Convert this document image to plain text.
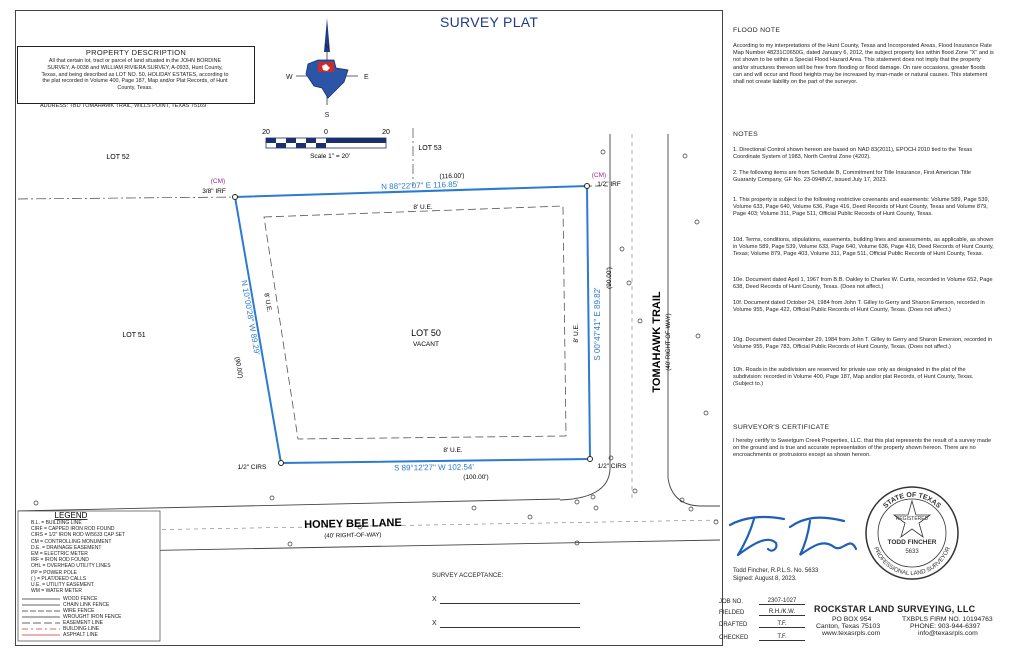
SURVEY PLAT
PROPERTY DESCRIPTION
All that certain lot, tract or parcel of land situated in the JOHN BORDINE
SURVEY, A-0038 and WILLIAM RIVIERA SURVEY, A-0933, Hunt County,
Texas, and being described as LOT NO. 50, HOLIDAY ESTATES, according to
the plat recorded in Volume 400, Page 187, Map and/or Plat Records, of Hunt
County, Texas.
ADDRESS: TBD TOMAHAWK TRAIL, WILLS POINT, TEXAS 75169
N
S
E
W
20	0	20
Scale 1" = 20'
N 88°22'07" E 116.85'
(116.00')
S 00°47'41" E 89.82'
(90.00')
S 89°12'27" W 102.54'
(100.00')
N 10°00'28" W 89.29'
(90.00')
8' U.E.
8' U.E.
8' U.E.
8' U.E.
(CM)
3/8" IRF
(CM)
1/2" IRF
1/2" CIRS	1/2" CIRS
LOT 52
LOT 53
LOT 51	LOT 50
VACANT
HONEY BEE LANE
(40' RIGHT-OF-WAY)
TOMAHAWK TRAIL (40' RIGHT-OF-WAY)
LEGEND
B.L. = BUILDING LINE
CIRF = CAPPED IRON ROD FOUND
CIRS = 1/2" IRON ROD W/5633 CAP SET
CM = CONTROLLING MONUMENT
D.E. = DRAINAGE EASEMENT
EM = ELECTRIC METER
IRF = IRON ROD FOUND
OHL = OVERHEAD UTILITY LINES
PP = POWER POLE
( ) = PLAT/DEED CALLS
U.E. = UTILITY EASEMENT
WM = WATER METER
WOOD FENCE
CHAIN LINK FENCE
WIRE FENCE
WROUGHT IRON FENCE
EASEMENT LINE
BUILDING LINE
ASPHALT LINE
SURVEY ACCEPTANCE:
X
X
FLOOD NOTE
According to my interpretations of the Hunt County, Texas and Incorporated Areas, Flood Insurance Rate Map Number 48231C0650G, dated January 6, 2012, the subject property lies within flood Zone "X" and is not shown to be within a Special Flood Hazard Area. This statement does not imply that the property and/or structures thereon will be free from flooding or flood damage. On rare occasions, greater floods can and will occur and flood heights may be increased by man-made or natural causes. This statement shall not create liability on the part of the surveyor.
NOTES
1. Directional Control shown hereon are based on NAD 83(2011), EPOCH 2010 tied to the Texas Coordinate System of 1983, North Central Zone (4202).
2. The following items are from Schedule B, Commitment for Title Insurance, First American Title Guaranty Company, GF No. 23-0948VZ, issued July 17, 2023.
1. This property is subject to the following restrictive covenants and easements: Volume 589, Page 539, Volume 633, Page 640, Volume 636, Page 416, Deed Records of Hunt County, Texas and Volume 879, Page 403; Volume 311, Page 511, Official Public Records of Hunt County, Texas.
10d. Terms, conditions, stipulations, easements, building lines and assessments, as applicable, as shown in Volume 589, Page 539, Volume 633, Page 640, Volume 636, Page 416, Deed Records of Hunt County, Texas; Volume 879, Page 403, Volume 311, Page 511, Official Public Records of Hunt County, Texas.
10e. Document dated April 1, 1967 from B.B. Oakley to Charles W. Curtis, recorded in Volume 652, Page 638, Deed Records of Hunt County, Texas. (Does not affect.)
10f. Document dated October 24, 1984 from John T. Gilley to Gerry and Sharon Emerson, recorded in Volume 955, Page 422, Official Public Records of Hunt County, Texas. (Does not affect.)
10g. Document dated December 29, 1984 from John T. Gilley to Gerry and Sharon Emerson, recorded in Volume 955, Page 783, Official Public Records of Hunt County, Texas. (Does not affect.)
10h. Roads in the subdivision are reserved for private use only as designated in the plat of the subdivision: recorded in Volume 400, Page 187, Map and/or plat Records, of Hunt County, Texas. (Subject to.)
SURVEYOR'S CERTIFICATE
I hereby certify to Sweetgum Creek Properties, LLC. that this plat represents the result of a survey made on the ground and is true and accurate representation of the property shown hereon. There are no encroachments or protrusions except as shown hereon.
STATE OF TEXAS
PROFESSIONAL LAND SURVEYOR
REGISTERED
TODD FINCHER
5633
Todd Fincher, R.P.L.S. No. 5633
Signed: August 8, 2023.
JOB NO.	2307-1027
FIELDED	R.H./K.W.
DRAFTED	T.F.
CHECKED	T.F.
ROCKSTAR LAND SURVEYING, LLC
PO BOX 954
Canton, Texas 75103
www.texasrpls.com
TXBPLS FIRM NO. 10194763
PHONE: 903-944-6397
info@texasrpls.com
